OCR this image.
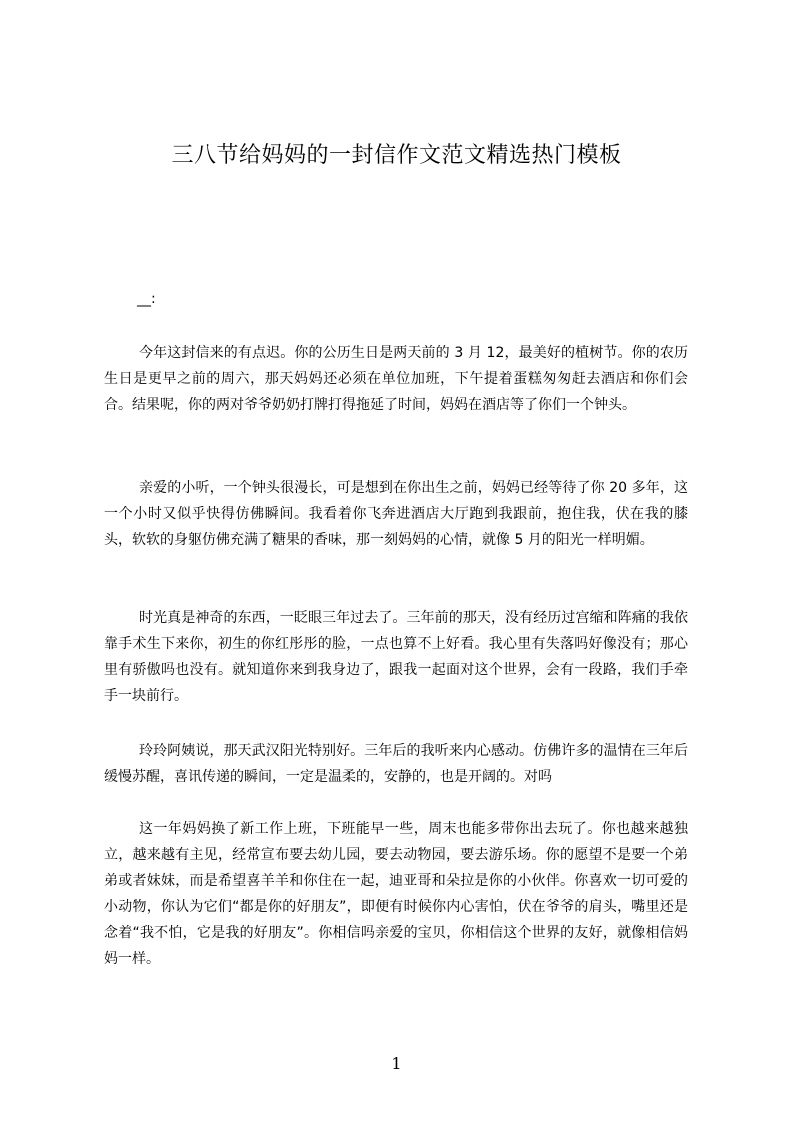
三八节给妈妈的一封信作文范文精选热门模板
__:

今年这封信来的有点迟。你的公历生日是两天前的 3 月 12，最美好的植树节。你的农历生日是更早之前的周六，那天妈妈还必须在单位加班，下午提着蛋糕匆匆赶去酒店和你们会合。结果呢，你的两对爷爷奶奶打牌打得拖延了时间，妈妈在酒店等了你们一个钟头。

亲爱的小听，一个钟头很漫长，可是想到在你出生之前，妈妈已经等待了你 20 多年，这一个小时又似乎快得仿佛瞬间。我看着你飞奔进酒店大厅跑到我跟前，抱住我，伏在我的膝头，软软的身躯仿佛充满了糖果的香味，那一刻妈妈的心情，就像 5 月的阳光一样明媚。

时光真是神奇的东西，一眨眼三年过去了。三年前的那天，没有经历过宫缩和阵痛的我依靠手术生下来你，初生的你红彤彤的脸，一点也算不上好看。我心里有失落吗好像没有；那心里有骄傲吗也没有。就知道你来到我身边了，跟我一起面对这个世界，会有一段路，我们手牵手一块前行。

玲玲阿姨说，那天武汉阳光特别好。三年后的我听来内心感动。仿佛许多的温情在三年后缓慢苏醒，喜讯传递的瞬间，一定是温柔的，安静的，也是开阔的。对吗

这一年妈妈换了新工作上班，下班能早一些，周末也能多带你出去玩了。你也越来越独立，越来越有主见，经常宣布要去幼儿园，要去动物园，要去游乐场。你的愿望不是要一个弟弟或者妹妹，而是希望喜羊羊和你住在一起，迪亚哥和朵拉是你的小伙伴。你喜欢一切可爱的小动物，你认为它们“都是你的好朋友”，即便有时候你内心害怕，伏在爷爷的肩头，嘴里还是念着“我不怕，它是我的好朋友”。你相信吗亲爱的宝贝，你相信这个世界的友好，就像相信妈妈一样。

1
